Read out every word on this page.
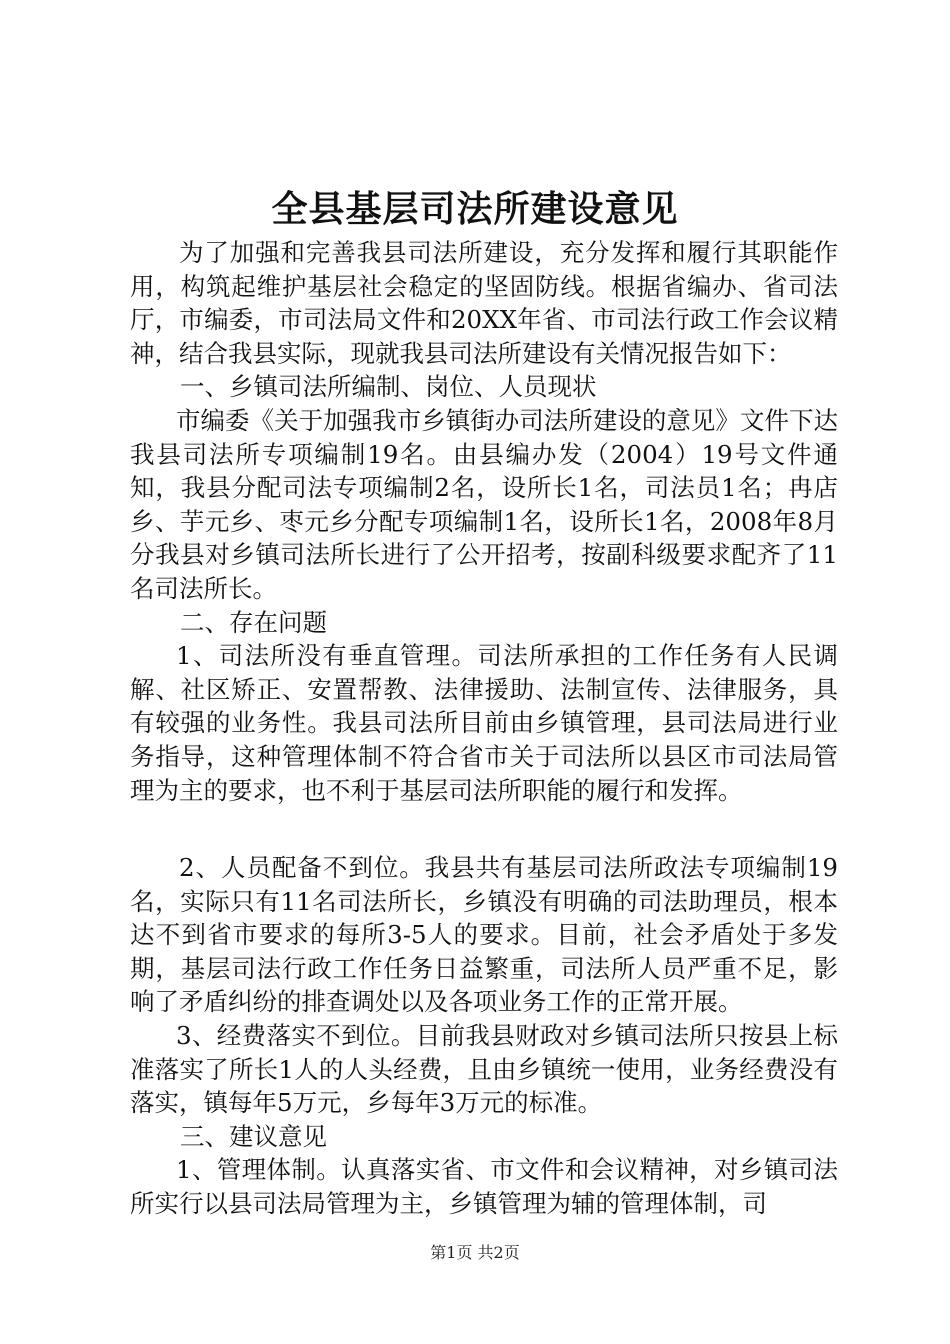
全县基层司法所建设意见

为了加强和完善我县司法所建设，充分发挥和履行其职能作用，构筑起维护基层社会稳定的坚固防线。根据省编办、省司法厅，市编委，市司法局文件和20XX年省、市司法行政工作会议精神，结合我县实际，现就我县司法所建设有关情况报告如下：

一、乡镇司法所编制、岗位、人员现状

市编委《关于加强我市乡镇街办司法所建设的意见》文件下达我县司法所专项编制19名。由县编办发（2004）19号文件通知，我县分配司法专项编制2名，设所长1名，司法员1名；冉店乡、芋元乡、枣元乡分配专项编制1名，设所长1名，2008年8月分我县对乡镇司法所长进行了公开招考，按副科级要求配齐了11名司法所长。

二、存在问题

1、司法所没有垂直管理。司法所承担的工作任务有人民调解、社区矫正、安置帮教、法律援助、法制宣传、法律服务，具有较强的业务性。我县司法所目前由乡镇管理，县司法局进行业务指导，这种管理体制不符合省市关于司法所以县区市司法局管理为主的要求，也不利于基层司法所职能的履行和发挥。

2、人员配备不到位。我县共有基层司法所政法专项编制19名，实际只有11名司法所长，乡镇没有明确的司法助理员，根本达不到省市要求的每所3-5人的要求。目前，社会矛盾处于多发期，基层司法行政工作任务日益繁重，司法所人员严重不足，影响了矛盾纠纷的排查调处以及各项业务工作的正常开展。

3、经费落实不到位。目前我县财政对乡镇司法所只按县上标准落实了所长1人的人头经费，且由乡镇统一使用，业务经费没有落实，镇每年5万元，乡每年3万元的标准。

三、建议意见

1、管理体制。认真落实省、市文件和会议精神，对乡镇司法所实行以县司法局管理为主，乡镇管理为辅的管理体制，司

第1页 共2页
